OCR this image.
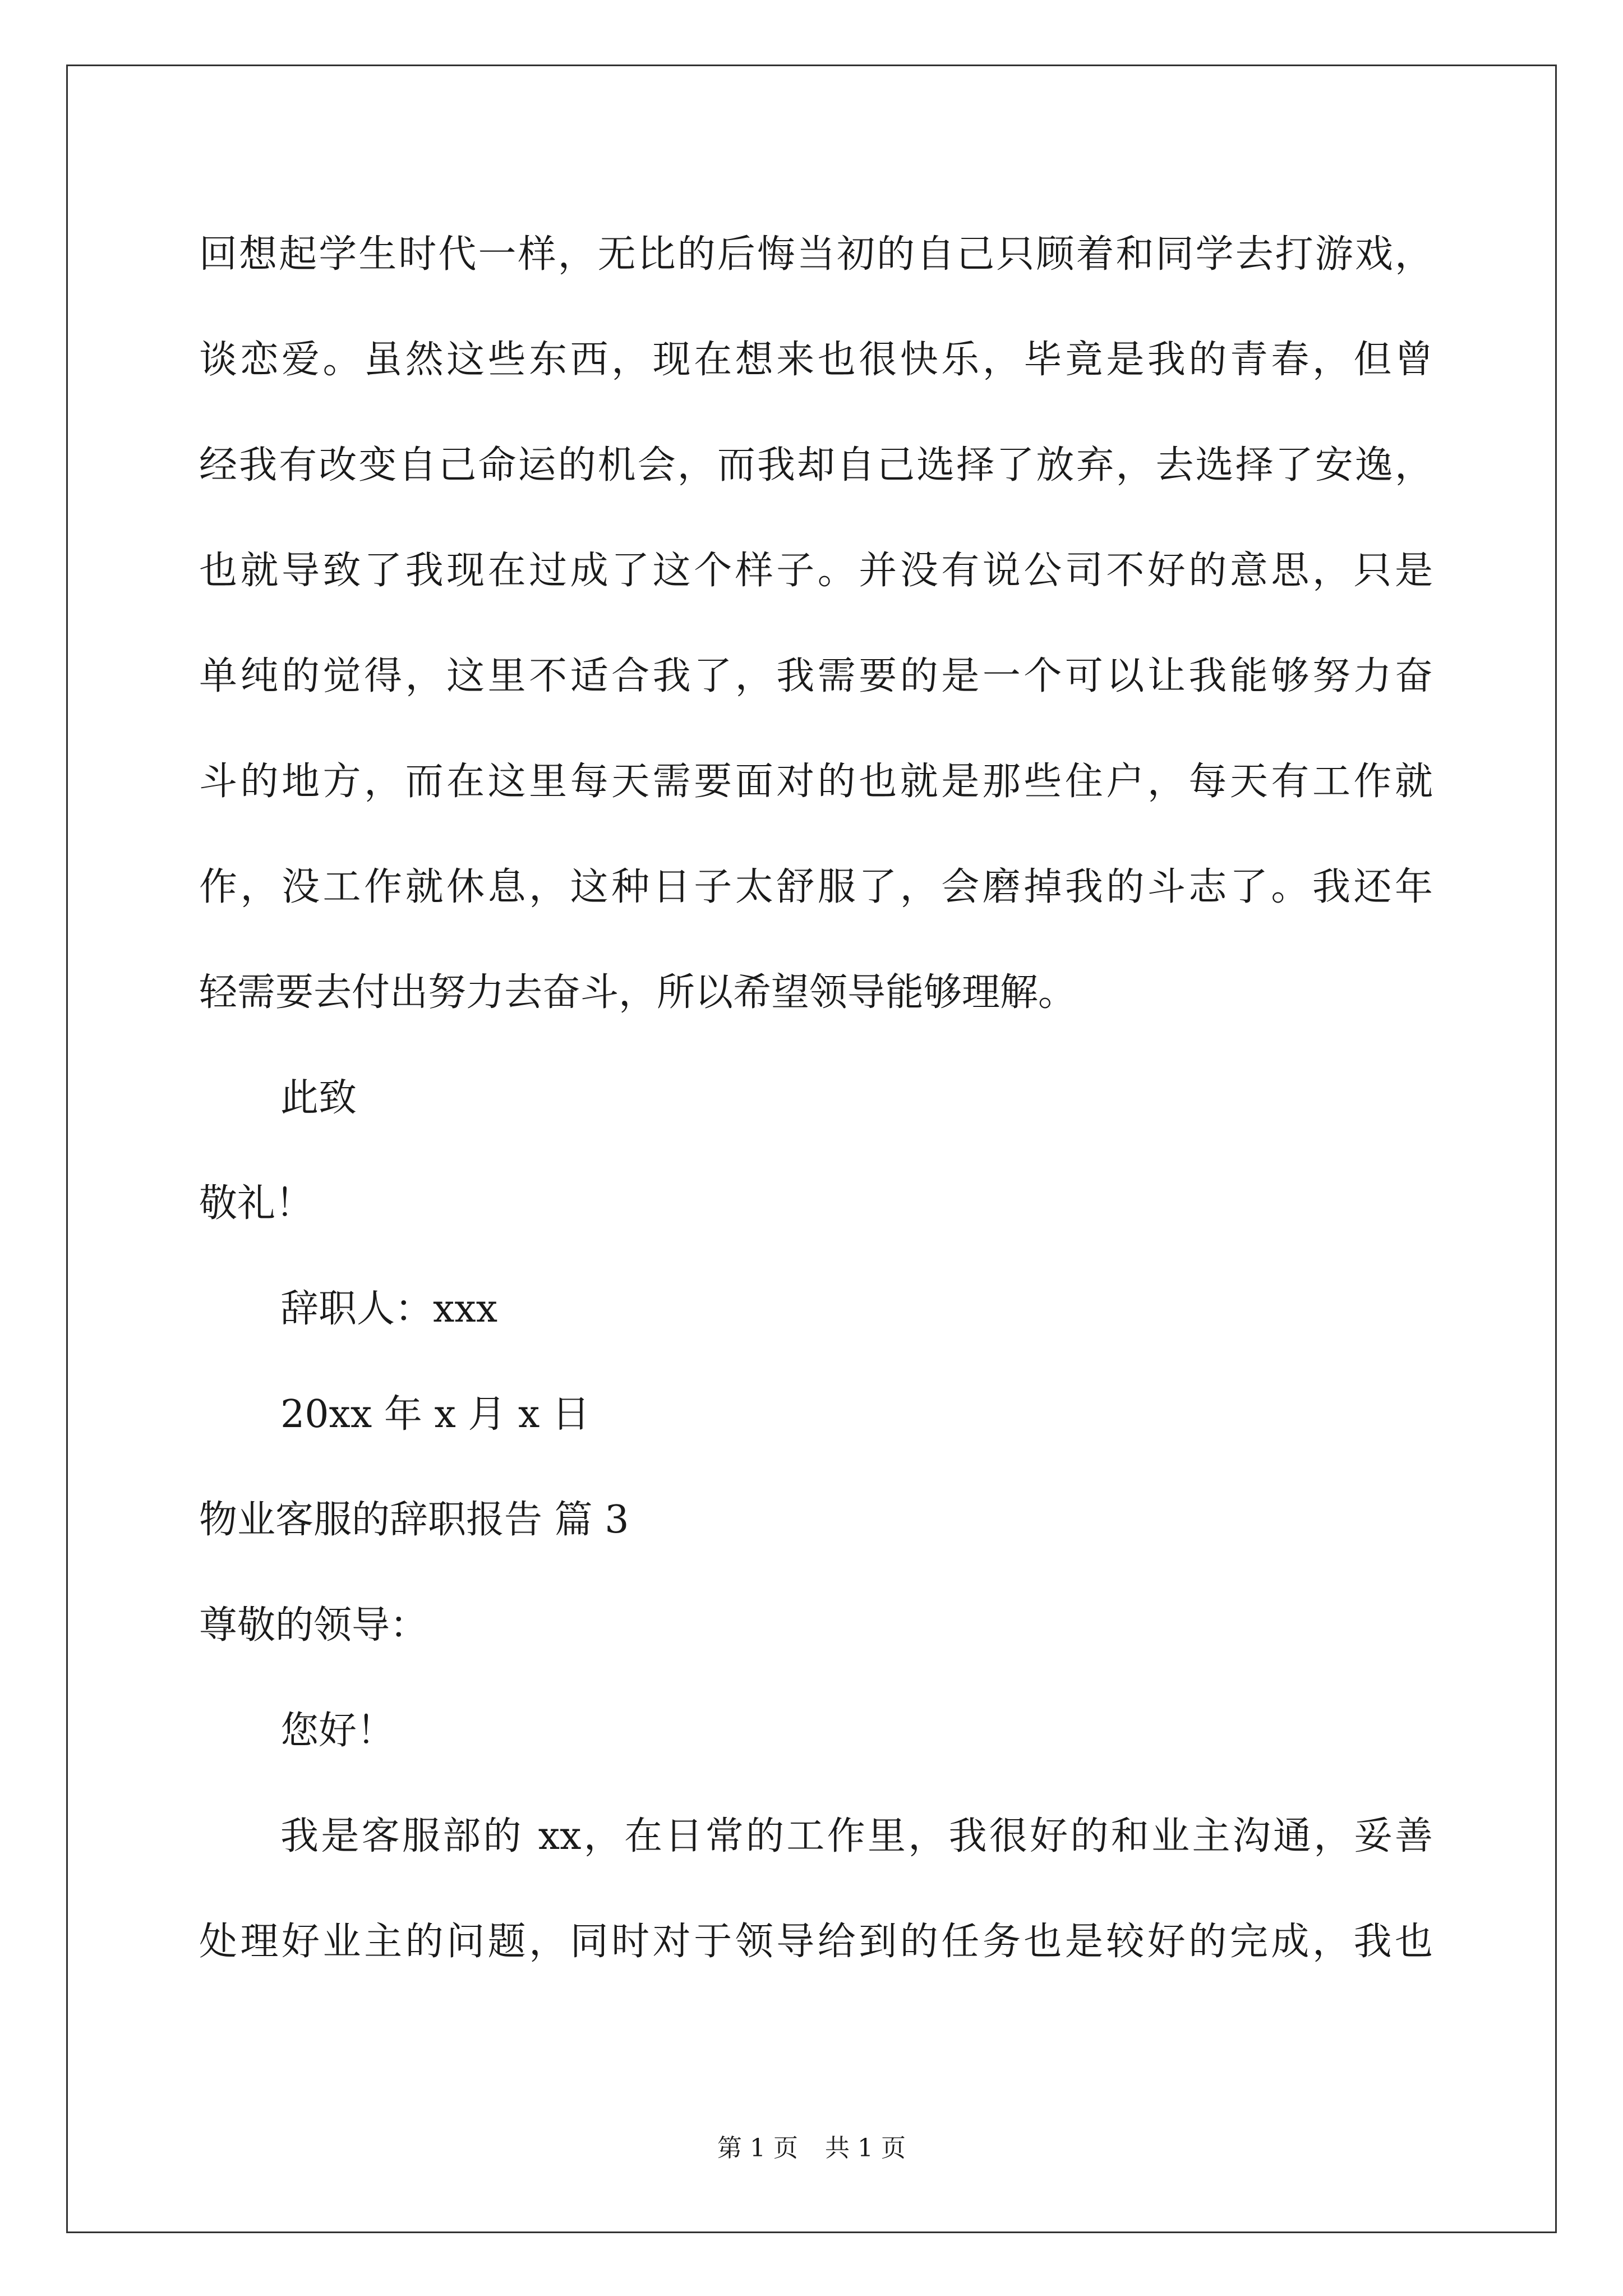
回想起学生时代一样，无比的后悔当初的自己只顾着和同学去打游戏，
谈恋爱。虽然这些东西，现在想来也很快乐，毕竟是我的青春，但曾
经我有改变自己命运的机会，而我却自己选择了放弃，去选择了安逸，
也就导致了我现在过成了这个样子。并没有说公司不好的意思，只是
单纯的觉得，这里不适合我了，我需要的是一个可以让我能够努力奋
斗的地方，而在这里每天需要面对的也就是那些住户，每天有工作就
作，没工作就休息，这种日子太舒服了，会磨掉我的斗志了。我还年
轻需要去付出努力去奋斗，所以希望领导能够理解。
此致
敬礼！
辞职人：xxx
20xx 年 x 月 x 日
物业客服的辞职报告 篇 3
尊敬的领导：
您好！
我是客服部的 xx，在日常的工作里，我很好的和业主沟通，妥善
处理好业主的问题，同时对于领导给到的任务也是较好的完成，我也
第 1 页 共 1 页
